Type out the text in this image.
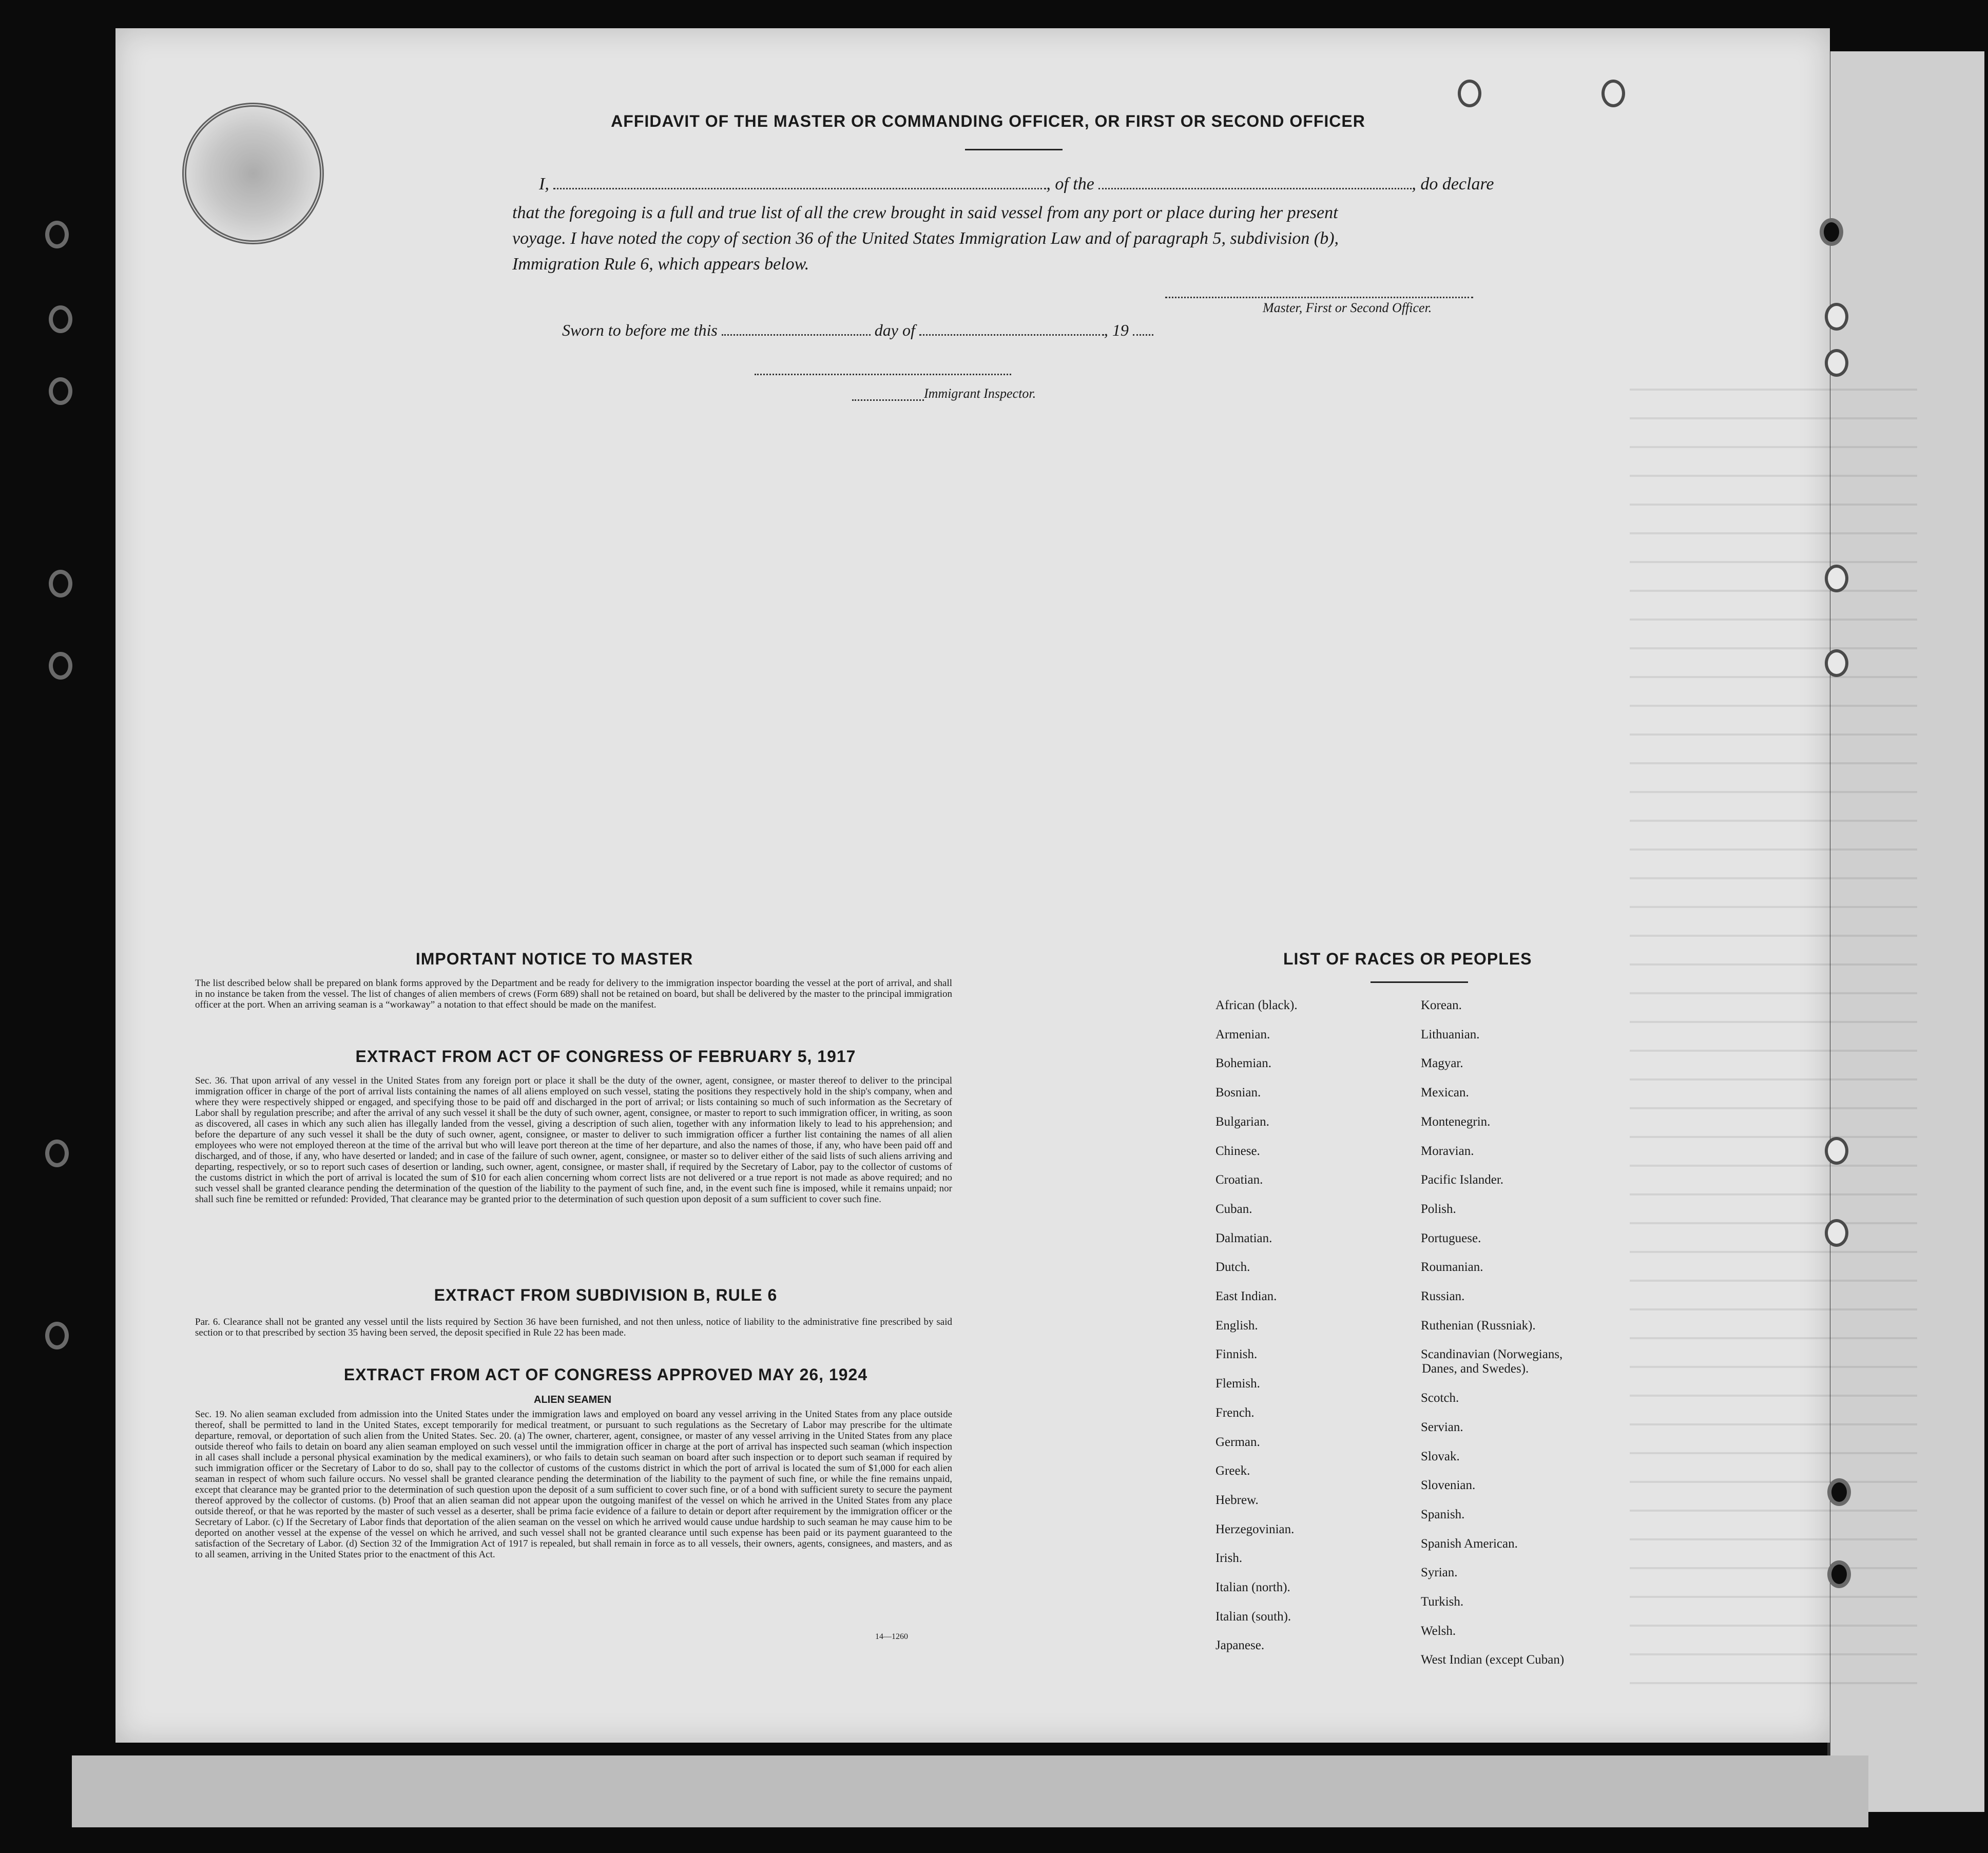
AFFIDAVIT OF THE MASTER OR COMMANDING OFFICER, OR FIRST OR SECOND OFFICER
I,	, of the	, do declare
that the foregoing is a full and true list of all the crew brought in said vessel from any port or place during her present
voyage. I have noted the copy of section 36 of the United States Immigration Law and of paragraph 5, subdivision (b),
Immigration Rule 6, which appears below.
Master, First or Second Officer.
Sworn to before me this	day of	, 19
Immigrant Inspector.
IMPORTANT NOTICE TO MASTER
The list described below shall be prepared on blank forms approved by the Department and be ready for delivery to the immigration inspector boarding the vessel at the port of arrival, and shall in no instance be taken from the vessel. The list of changes of alien members of crews (Form 689) shall not be retained on board, but shall be delivered by the master to the principal immigration officer at the port. When an arriving seaman is a “workaway” a notation to that effect should be made on the manifest.
EXTRACT FROM ACT OF CONGRESS OF FEBRUARY 5, 1917
Sec. 36. That upon arrival of any vessel in the United States from any foreign port or place it shall be the duty of the owner, agent, consignee, or master thereof to deliver to the principal immigration officer in charge of the port of arrival lists containing the names of all aliens employed on such vessel, stating the positions they respectively hold in the ship's company, when and where they were respectively shipped or engaged, and specifying those to be paid off and discharged in the port of arrival; or lists containing so much of such information as the Secretary of Labor shall by regulation prescribe; and after the arrival of any such vessel it shall be the duty of such owner, agent, consignee, or master to report to such immigration officer, in writing, as soon as discovered, all cases in which any such alien has illegally landed from the vessel, giving a description of such alien, together with any information likely to lead to his apprehension; and before the departure of any such vessel it shall be the duty of such owner, agent, consignee, or master to deliver to such immigration officer a further list containing the names of all alien employees who were not employed thereon at the time of the arrival but who will leave port thereon at the time of her departure, and also the names of those, if any, who have been paid off and discharged, and of those, if any, who have deserted or landed; and in case of the failure of such owner, agent, consignee, or master so to deliver either of the said lists of such aliens arriving and departing, respectively, or so to report such cases of desertion or landing, such owner, agent, consignee, or master shall, if required by the Secretary of Labor, pay to the collector of customs of the customs district in which the port of arrival is located the sum of $10 for each alien concerning whom correct lists are not delivered or a true report is not made as above required; and no such vessel shall be granted clearance pending the determination of the question of the liability to the payment of such fine, and, in the event such fine is imposed, while it remains unpaid; nor shall such fine be remitted or refunded: Provided, That clearance may be granted prior to the determination of such question upon deposit of a sum sufficient to cover such fine.
EXTRACT FROM SUBDIVISION B, RULE 6
Par. 6. Clearance shall not be granted any vessel until the lists required by Section 36 have been furnished, and not then unless, notice of liability to the administrative fine prescribed by said section or to that prescribed by section 35 having been served, the deposit specified in Rule 22 has been made.
EXTRACT FROM ACT OF CONGRESS APPROVED MAY 26, 1924
ALIEN SEAMEN
Sec. 19. No alien seaman excluded from admission into the United States under the immigration laws and employed on board any vessel arriving in the United States from any place outside thereof, shall be permitted to land in the United States, except temporarily for medical treatment, or pursuant to such regulations as the Secretary of Labor may prescribe for the ultimate departure, removal, or deportation of such alien from the United States. Sec. 20. (a) The owner, charterer, agent, consignee, or master of any vessel arriving in the United States from any place outside thereof who fails to detain on board any alien seaman employed on such vessel until the immigration officer in charge at the port of arrival has inspected such seaman (which inspection in all cases shall include a personal physical examination by the medical examiners), or who fails to detain such seaman on board after such inspection or to deport such seaman if required by such immigration officer or the Secretary of Labor to do so, shall pay to the collector of customs of the customs district in which the port of arrival is located the sum of $1,000 for each alien seaman in respect of whom such failure occurs. No vessel shall be granted clearance pending the determination of the liability to the payment of such fine, or while the fine remains unpaid, except that clearance may be granted prior to the determination of such question upon the deposit of a sum sufficient to cover such fine, or of a bond with sufficient surety to secure the payment thereof approved by the collector of customs. (b) Proof that an alien seaman did not appear upon the outgoing manifest of the vessel on which he arrived in the United States from any place outside thereof, or that he was reported by the master of such vessel as a deserter, shall be prima facie evidence of a failure to detain or deport after requirement by the immigration officer or the Secretary of Labor. (c) If the Secretary of Labor finds that deportation of the alien seaman on the vessel on which he arrived would cause undue hardship to such seaman he may cause him to be deported on another vessel at the expense of the vessel on which he arrived, and such vessel shall not be granted clearance until such expense has been paid or its payment guaranteed to the satisfaction of the Secretary of Labor. (d) Section 32 of the Immigration Act of 1917 is repealed, but shall remain in force as to all vessels, their owners, agents, consignees, and masters, and as to all seamen, arriving in the United States prior to the enactment of this Act.
14—1260
LIST OF RACES OR PEOPLES
African (black).
Armenian.
Bohemian.
Bosnian.
Bulgarian.
Chinese.
Croatian.
Cuban.
Dalmatian.
Dutch.
East Indian.
English.
Finnish.
Flemish.
French.
German.
Greek.
Hebrew.
Herzegovinian.
Irish.
Italian (north).
Italian (south).
Japanese.
Korean.
Lithuanian.
Magyar.
Mexican.
Montenegrin.
Moravian.
Pacific Islander.
Polish.
Portuguese.
Roumanian.
Russian.
Ruthenian (Russniak).
Scandinavian (Norwegians,
Danes, and Swedes).
Scotch.
Servian.
Slovak.
Slovenian.
Spanish.
Spanish American.
Syrian.
Turkish.
Welsh.
West Indian (except Cuban)
